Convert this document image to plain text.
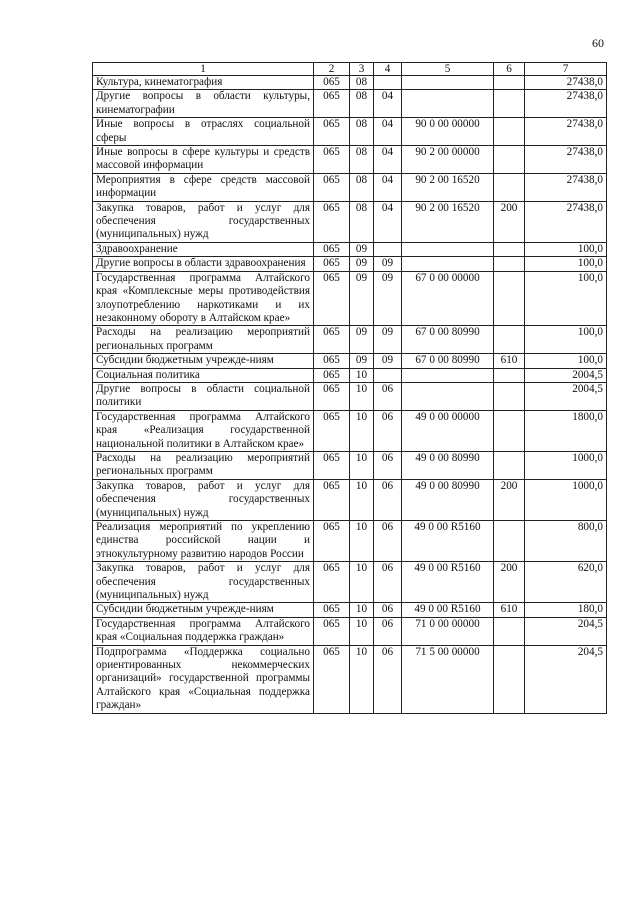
60
1	2	3	4	5	6	7
Культура, кинематография	065	08				27438,0
Другие вопросы в области культуры, кинематографии	065	08	04			27438,0
Иные вопросы в отраслях социальной сферы	065	08	04	90 0 00 00000		27438,0
Иные вопросы в сфере культуры и средств массовой информации	065	08	04	90 2 00 00000		27438,0
Мероприятия в сфере средств массовой информации	065	08	04	90 2 00 16520		27438,0
Закупка товаров, работ и услуг для обеспечения государственных (муниципальных) нужд	065	08	04	90 2 00 16520	200	27438,0
Здравоохранение	065	09				100,0
Другие вопросы в области здравоохранения	065	09	09			100,0
Государственная программа Алтайского края «Комплексные меры противодействия злоупотреблению наркотиками и их незаконному обороту в Алтайском крае»	065	09	09	67 0 00 00000		100,0
Расходы на реализацию мероприятий региональных программ	065	09	09	67 0 00 80990		100,0
Субсидии бюджетным учрежде-ниям	065	09	09	67 0 00 80990	610	100,0
Социальная политика	065	10				2004,5
Другие вопросы в области социальной политики	065	10	06			2004,5
Государственная программа Алтайского края «Реализация государственной национальной политики в Алтайском крае»	065	10	06	49 0 00 00000		1800,0
Расходы на реализацию мероприятий региональных программ	065	10	06	49 0 00 80990		1000,0
Закупка товаров, работ и услуг для обеспечения государственных (муниципальных) нужд	065	10	06	49 0 00 80990	200	1000,0
Реализация мероприятий по укреплению единства российской нации и этнокультурному развитию народов России	065	10	06	49 0 00 R5160		800,0
Закупка товаров, работ и услуг для обеспечения государственных (муниципальных) нужд	065	10	06	49 0 00 R5160	200	620,0
Субсидии бюджетным учрежде-ниям	065	10	06	49 0 00 R5160	610	180,0
Государственная программа Алтайского края «Социальная поддержка граждан»	065	10	06	71 0 00 00000		204,5
Подпрограмма «Поддержка социально ориентированных некоммерческих организаций» государственной программы Алтайского края «Социальная поддержка граждан»	065	10	06	71 5 00 00000		204,5
